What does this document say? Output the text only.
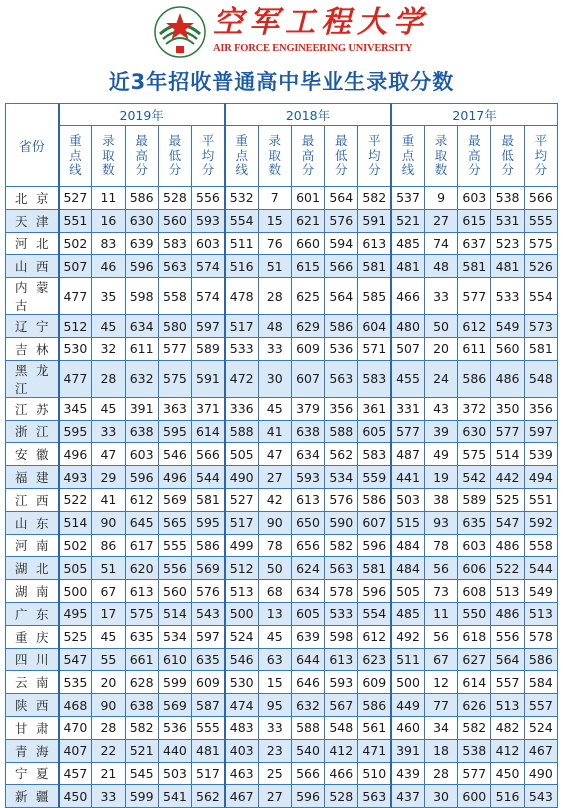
空军工程大学
AIR FORCE ENGINEERING UNIVERSITY
近3年招收普通高中毕业生录取分数
省份	2019年					2018年					2017年				
	重
点
线	录
取
数	最
高
分	最
低
分	平
均
分	重
点
线	录
取
数	最
高
分	最
低
分	平
均
分	重
点
线	录
取
数	最
高
分	最
低
分	平
均
分
北京	527	11	586	528	556	532	7	601	564	582	537	9	603	538	566
天津	551	16	630	560	593	554	15	621	576	591	521	27	615	531	555
河北	502	83	639	583	603	511	76	660	594	613	485	74	637	523	575
山西	507	46	596	563	574	516	51	615	566	581	481	48	581	481	526
内蒙古	477	35	598	558	574	478	28	625	564	585	466	33	577	533	554
辽宁	512	45	634	580	597	517	48	629	586	604	480	50	612	549	573
吉林	530	32	611	577	589	533	33	609	536	571	507	20	611	560	581
黑龙江	477	28	632	575	591	472	30	607	563	583	455	24	586	486	548
江苏	345	45	391	363	371	336	45	379	356	361	331	43	372	350	356
浙江	595	33	638	595	614	588	41	638	588	605	577	39	630	577	597
安徽	496	47	603	546	566	505	47	634	562	583	487	49	575	514	539
福建	493	29	596	496	544	490	27	593	534	559	441	19	542	442	494
江西	522	41	612	569	581	527	42	613	576	586	503	38	589	525	551
山东	514	90	645	565	595	517	90	650	590	607	515	93	635	547	592
河南	502	86	617	555	586	499	78	656	582	596	484	78	603	486	558
湖北	505	51	620	556	569	512	50	624	563	581	484	56	606	522	544
湖南	500	67	613	560	576	513	68	634	578	596	505	73	608	513	549
广东	495	17	575	514	543	500	13	605	533	554	485	11	550	486	513
重庆	525	45	635	534	597	524	45	639	598	612	492	56	618	556	578
四川	547	55	661	610	635	546	63	644	613	623	511	67	627	564	586
云南	535	20	628	599	609	530	15	646	593	609	500	12	614	557	584
陕西	468	90	638	569	587	474	95	632	567	586	449	77	626	513	557
甘肃	470	28	582	536	555	483	33	588	548	561	460	34	582	482	524
青海	407	22	521	440	481	403	23	540	412	471	391	18	538	412	467
宁夏	457	21	545	503	517	463	25	566	466	510	439	28	577	450	490
新疆	450	33	599	541	562	467	27	596	528	563	437	30	600	516	543
